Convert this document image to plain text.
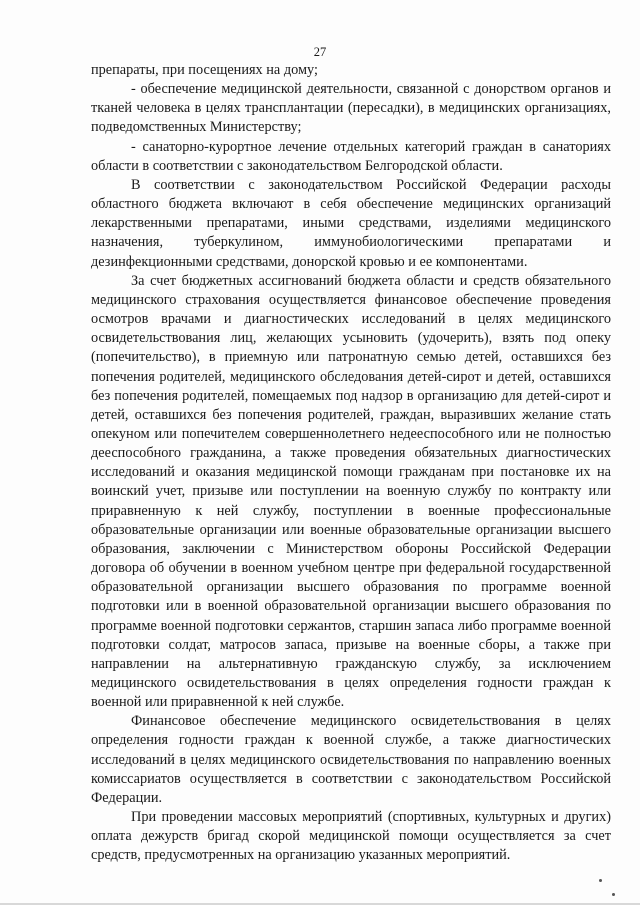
27

препараты, при посещениях на дому;

- обеспечение медицинской деятельности, связанной с донорством органов и тканей человека в целях трансплантации (пересадки), в медицинских организациях, подведомственных Министерству;

- санаторно-курортное лечение отдельных категорий граждан в санаториях области в соответствии с законодательством Белгородской области.

В соответствии с законодательством Российской Федерации расходы областного бюджета включают в себя обеспечение медицинских организаций лекарственными препаратами, иными средствами, изделиями медицинского назначения, туберкулином, иммунобиологическими препаратами и дезинфекционными средствами, донорской кровью и ее компонентами.

За счет бюджетных ассигнований бюджета области и средств обязательного медицинского страхования осуществляется финансовое обеспечение проведения осмотров врачами и диагностических исследований в целях медицинского освидетельствования лиц, желающих усыновить (удочерить), взять под опеку (попечительство), в приемную или патронатную семью детей, оставшихся без попечения родителей, медицинского обследования детей-сирот и детей, оставшихся без попечения родителей, помещаемых под надзор в организацию для детей-сирот и детей, оставшихся без попечения родителей, граждан, выразивших желание стать опекуном или попечителем совершеннолетнего недееспособного или не полностью дееспособного гражданина, а также проведения обязательных диагностических исследований и оказания медицинской помощи гражданам при постановке их на воинский учет, призыве или поступлении на военную службу по контракту или приравненную к ней службу, поступлении в военные профессиональные образовательные организации или военные образовательные организации высшего образования, заключении с Министерством обороны Российской Федерации договора об обучении в военном учебном центре при федеральной государственной образовательной организации высшего образования по программе военной подготовки или в военной образовательной организации высшего образования по программе военной подготовки сержантов, старшин запаса либо программе военной подготовки солдат, матросов запаса, призыве на военные сборы, а также при направлении на альтернативную гражданскую службу, за исключением медицинского освидетельствования в целях определения годности граждан к военной или приравненной к ней службе.

Финансовое обеспечение медицинского освидетельствования в целях определения годности граждан к военной службе, а также диагностических исследований в целях медицинского освидетельствования по направлению военных комиссариатов осуществляется в соответствии с законодательством Российской Федерации.

При проведении массовых мероприятий (спортивных, культурных и других) оплата дежурств бригад скорой медицинской помощи осуществляется за счет средств, предусмотренных на организацию указанных мероприятий.
